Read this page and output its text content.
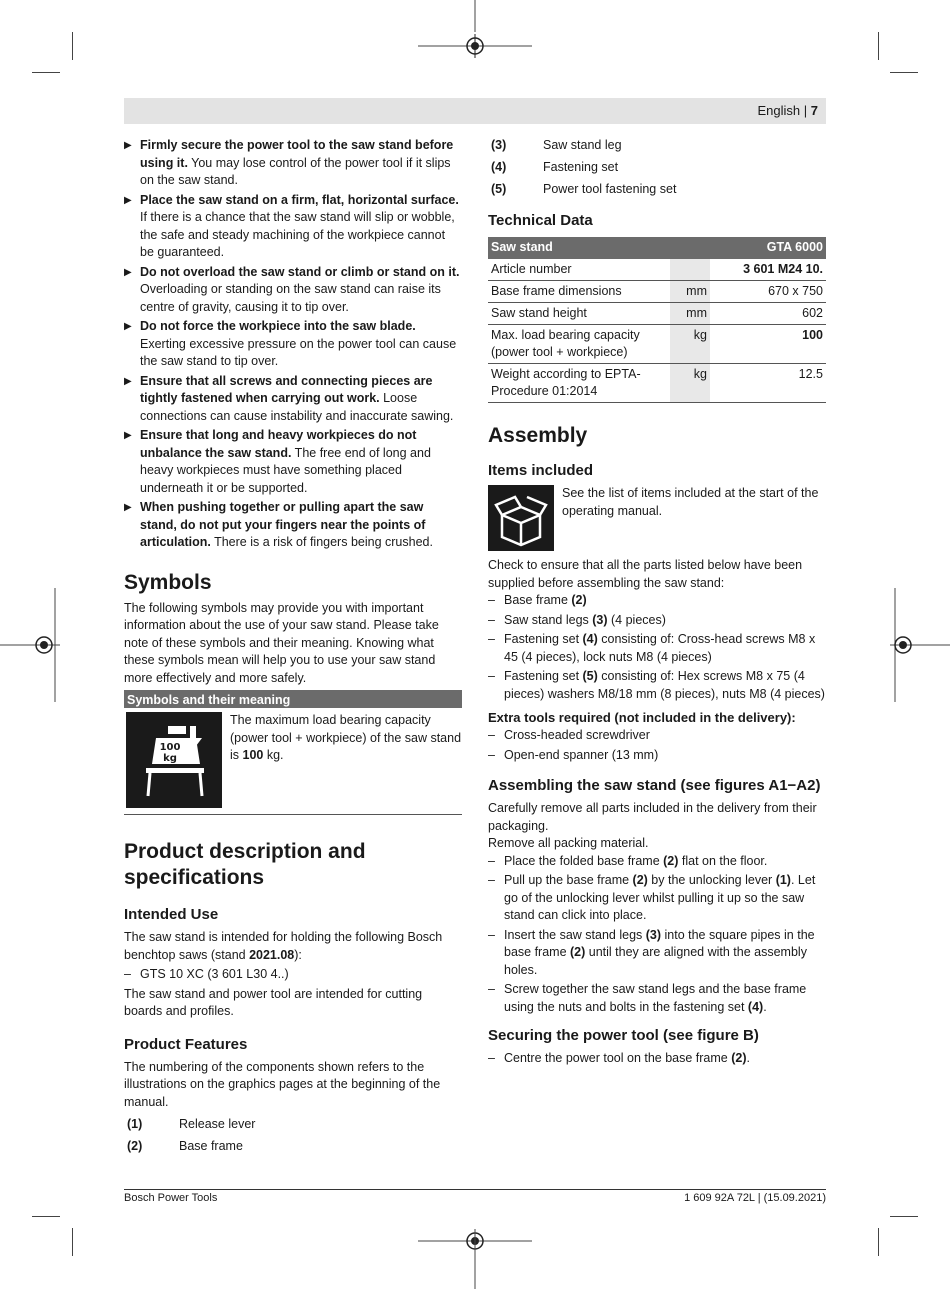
English | 7
▶ Firmly secure the power tool to the saw stand before using it. You may lose control of the power tool if it slips on the saw stand.
▶ Place the saw stand on a firm, flat, horizontal surface. If there is a chance that the saw stand will slip or wobble, the safe and steady machining of the workpiece cannot be guaranteed.
▶ Do not overload the saw stand or climb or stand on it. Overloading or standing on the saw stand can raise its centre of gravity, causing it to tip over.
▶ Do not force the workpiece into the saw blade. Exerting excessive pressure on the power tool can cause the saw stand to tip over.
▶ Ensure that all screws and connecting pieces are tightly fastened when carrying out work. Loose connections can cause instability and inaccurate sawing.
▶ Ensure that long and heavy workpieces do not unbalance the saw stand. The free end of long and heavy workpieces must have something placed underneath it or be supported.
▶ When pushing together or pulling apart the saw stand, do not put your fingers near the points of articulation. There is a risk of fingers being crushed.
Symbols
The following symbols may provide you with important information about the use of your saw stand. Please take note of these symbols and their meaning. Knowing what these symbols mean will help you to use your saw stand more effectively and more safely.
Symbols and their meaning
100
kg
The maximum load bearing capacity (power tool + workpiece) of the saw stand is 100 kg.
Product description and specifications
Intended Use
The saw stand is intended for holding the following Bosch benchtop saws (stand 2021.08):
– GTS 10 XC (3 601 L30 4..)
The saw stand and power tool are intended for cutting boards and profiles.
Product Features
The numbering of the components shown refers to the illustrations on the graphics pages at the beginning of the manual.
(1)	Release lever
(2)	Base frame
(3)	Saw stand leg
(4)	Fastening set
(5)	Power tool fastening set
Technical Data
Saw stand		GTA 6000
Article number		3 601 M24 10.
Base frame dimensions	mm	670 x 750
Saw stand height	mm	602
Max. load bearing capacity (power tool + workpiece)	kg	100
Weight according to EPTA-Procedure 01:2014	kg	12.5
Assembly
Items included
See the list of items included at the start of the operating manual.
Check to ensure that all the parts listed below have been supplied before assembling the saw stand:
– Base frame (2)
– Saw stand legs (3) (4 pieces)
– Fastening set (4) consisting of: Cross-head screws M8 x 45 (4 pieces), lock nuts M8 (4 pieces)
– Fastening set (5) consisting of: Hex screws M8 x 75 (4 pieces) washers M8/18 mm (8 pieces), nuts M8 (4 pieces)
Extra tools required (not included in the delivery):
– Cross-headed screwdriver
– Open-end spanner (13 mm)
Assembling the saw stand (see figures A1−A2)
Carefully remove all parts included in the delivery from their packaging.
Remove all packing material.
– Place the folded base frame (2) flat on the floor.
– Pull up the base frame (2) by the unlocking lever (1). Let go of the unlocking lever whilst pulling it up so the saw stand can click into place.
– Insert the saw stand legs (3) into the square pipes in the base frame (2) until they are aligned with the assembly holes.
– Screw together the saw stand legs and the base frame using the nuts and bolts in the fastening set (4).
Securing the power tool (see figure B)
– Centre the power tool on the base frame (2).
Bosch Power Tools	1 609 92A 72L | (15.09.2021)
